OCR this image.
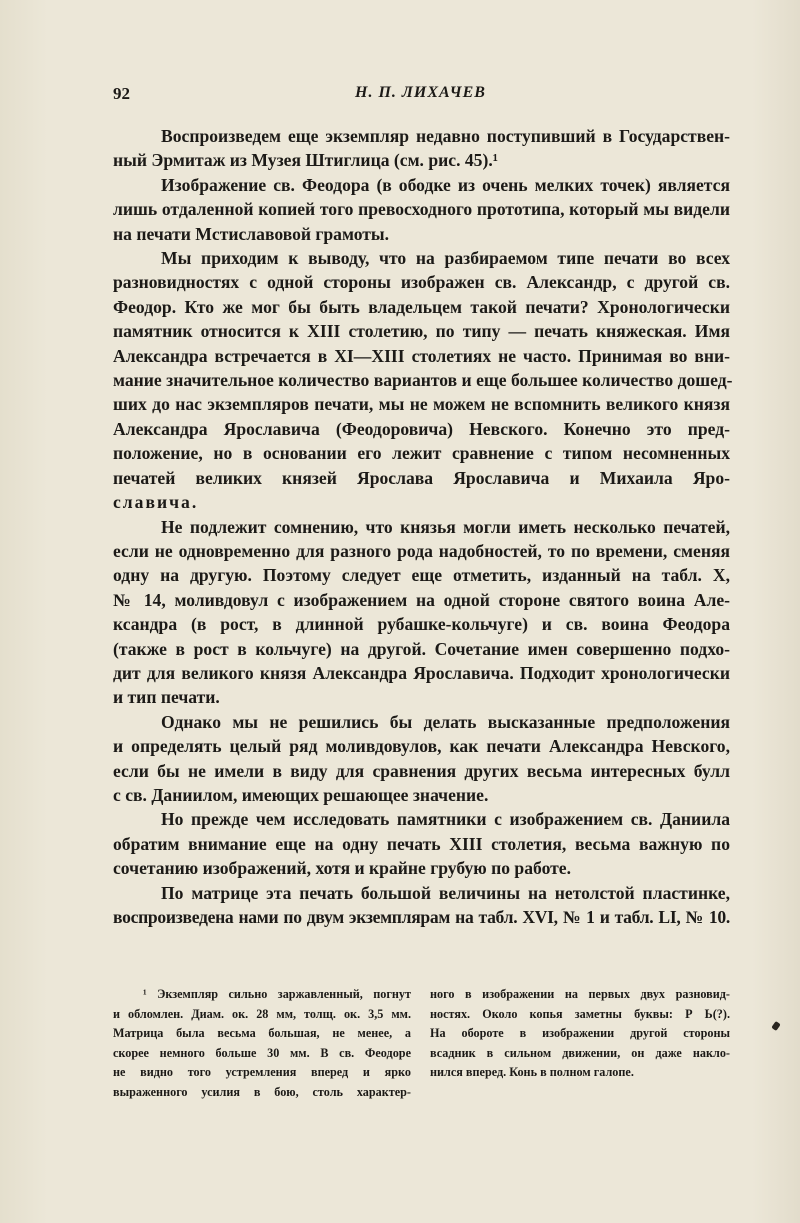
92	Н. П. ЛИХАЧЕВ

Воспроизведем еще экземпляр недавно поступивший в Государствен-
ный Эрмитаж из Музея Штиглица (см. рис. 45).¹

Изображение св. Феодора (в ободке из очень мелких точек) является
лишь отдаленной копией того превосходного прототипа, который мы видели
на печати Мстиславовой грамоты.

Мы приходим к выводу, что на разбираемом типе печати во всех
разновидностях с одной стороны изображен св. Александр, с другой св.
Феодор. Кто же мог бы быть владельцем такой печати? Хронологически
памятник относится к XIII столетию, по типу — печать княжеская. Имя
Александра встречается в XI—XIII столетиях не часто. Принимая во вни-
мание значительное количество вариантов и еще большее количество дошед-
ших до нас экземпляров печати, мы не можем не вспомнить великого князя
Александра Ярославича (Феодоровича) Невского. Конечно это пред-
положение, но в основании его лежит сравнение с типом несомненных
печатей великих князей Ярослава Ярославича и Михаила Яро-
славича.

Не подлежит сомнению, что князья могли иметь несколько печатей,
если не одновременно для разного рода надобностей, то по времени, сменяя
одну на другую. Поэтому следует еще отметить, изданный на табл. X,
№ 14, моливдовул с изображением на одной стороне святого воина Але-
ксандра (в рост, в длинной рубашке-кольчуге) и св. воина Феодора
(также в рост в кольчуге) на другой. Сочетание имен совершенно подхо-
дит для великого князя Александра Ярославича. Подходит хронологически
и тип печати.

Однако мы не решились бы делать высказанные предположения
и определять целый ряд моливдовулов, как печати Александра Невского,
если бы не имели в виду для сравнения других весьма интересных булл
с св. Даниилом, имеющих решающее значение.

Но прежде чем исследовать памятники с изображением св. Даниила
обратим внимание еще на одну печать XIII столетия, весьма важную по
сочетанию изображений, хотя и крайне грубую по работе.

По матрице эта печать большой величины на нетолстой пластинке,
воспроизведена нами по двум экземплярам на табл. XVI, № 1 и табл. LI, № 10.

¹ Экземпляр сильно заржавленный, погнут
и обломлен. Диам. ок. 28 мм, толщ. ок. 3,5 мм.
Матрица была весьма большая, не менее, а
скорее немного больше 30 мм. В св. Феодоре
не видно того устремления вперед и ярко
выраженного усилия в бою, столь характер-
ного в изображении на первых двух разновид-
ностях. Около копья заметны буквы: Р Ь(?).
На обороте в изображении другой стороны
всадник в сильном движении, он даже накло-
нился вперед. Конь в полном галопе.
